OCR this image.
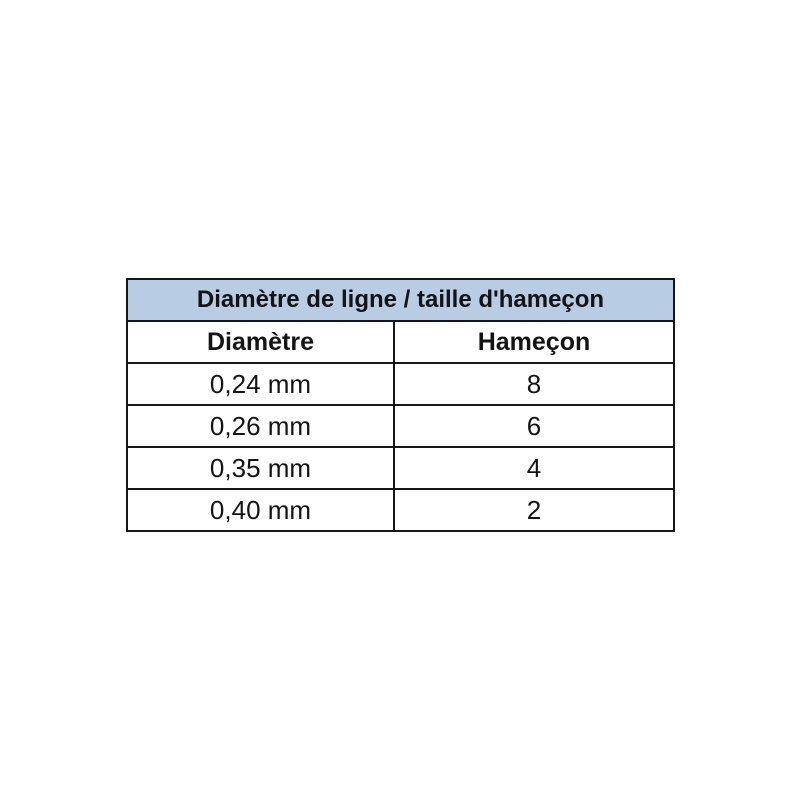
Diamètre de ligne / taille d'hameçon	
Diamètre	Hameçon
0,24 mm	8
0,26 mm	6
0,35 mm	4
0,40 mm	2
